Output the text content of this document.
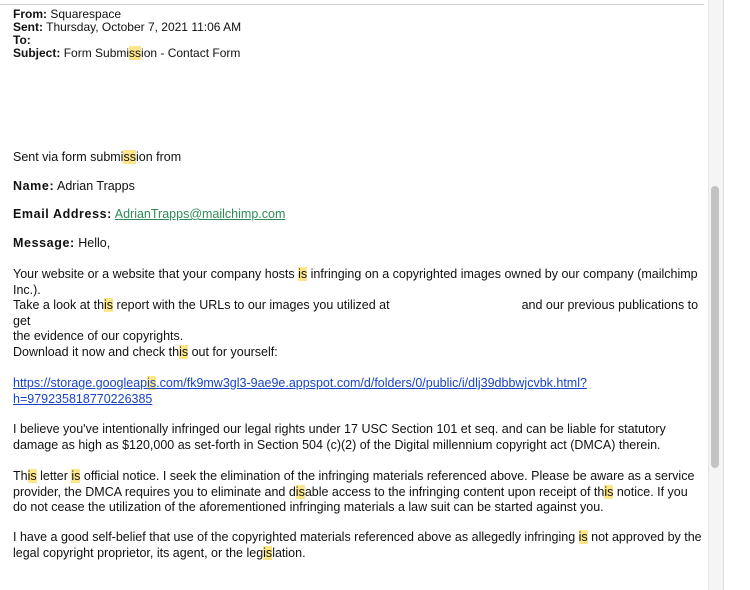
From: Squarespace
Sent: Thursday, October 7, 2021 11:06 AM
To:
Subject: Form Submission - Contact Form

Sent via form submission from

Name: Adrian Trapps

Email Address: AdrianTrapps@mailchimp.com

Message: Hello,

Your website or a website that your company hosts is infringing on a copyrighted images owned by our company (mailchimp Inc.).

Take a look at this report with the URLs to our images you utilized at	and our previous publications to get
the evidence of our copyrights.

Download it now and check this out for yourself:

https://storage.googleapis.com/fk9mw3gl3-9ae9e.appspot.com/d/folders/0/public/i/dlj39dbbwjcvbk.html?
h=979235818770226385

I believe you've intentionally infringed our legal rights under 17 USC Section 101 et seq. and can be liable for statutory damage as high as $120,000 as set-forth in Section 504 (c)(2) of the Digital millennium copyright act (DMCA) therein.

This letter is official notice. I seek the elimination of the infringing materials referenced above. Please be aware as a service provider, the DMCA requires you to eliminate and disable access to the infringing content upon receipt of this notice. If you do not cease the utilization of the aforementioned infringing materials a law suit can be started against you.

I have a good self-belief that use of the copyrighted materials referenced above as allegedly infringing is not approved by the legal copyright proprietor, its agent, or the legislation.
